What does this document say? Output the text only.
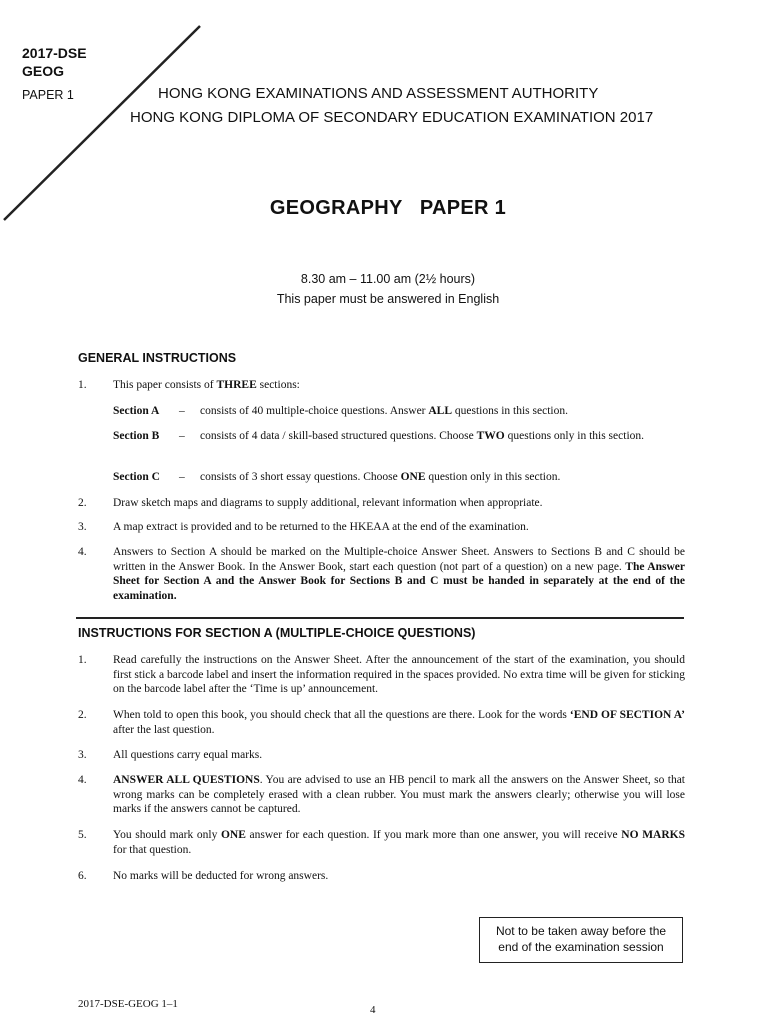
2017-DSE
GEOG
PAPER 1	HONG KONG EXAMINATIONS AND ASSESSMENT AUTHORITY
HONG KONG DIPLOMA OF SECONDARY EDUCATION EXAMINATION 2017
GEOGRAPHY   PAPER 1
8.30 am – 11.00 am (2½ hours)
This paper must be answered in English
GENERAL INSTRUCTIONS
1. This paper consists of THREE sections:
Section A – consists of 40 multiple-choice questions. Answer ALL questions in this section.
Section B – consists of 4 data / skill-based structured questions. Choose TWO questions only in this section.
Section C – consists of 3 short essay questions. Choose ONE question only in this section.
2. Draw sketch maps and diagrams to supply additional, relevant information when appropriate.
3. A map extract is provided and to be returned to the HKEAA at the end of the examination.
4. Answers to Section A should be marked on the Multiple-choice Answer Sheet. Answers to Sections B and C should be written in the Answer Book. In the Answer Book, start each question (not part of a question) on a new page. The Answer Sheet for Section A and the Answer Book for Sections B and C must be handed in separately at the end of the examination.
INSTRUCTIONS FOR SECTION A (MULTIPLE-CHOICE QUESTIONS)
1. Read carefully the instructions on the Answer Sheet. After the announcement of the start of the examination, you should first stick a barcode label and insert the information required in the spaces provided. No extra time will be given for sticking on the barcode label after the ‘Time is up’ announcement.
2. When told to open this book, you should check that all the questions are there. Look for the words ‘END OF SECTION A’ after the last question.
3. All questions carry equal marks.
4. ANSWER ALL QUESTIONS. You are advised to use an HB pencil to mark all the answers on the Answer Sheet, so that wrong marks can be completely erased with a clean rubber. You must mark the answers clearly; otherwise you will lose marks if the answers cannot be captured.
5. You should mark only ONE answer for each question. If you mark more than one answer, you will receive NO MARKS for that question.
6. No marks will be deducted for wrong answers.
Not to be taken away before the
end of the examination session
2017-DSE-GEOG 1–1	4
